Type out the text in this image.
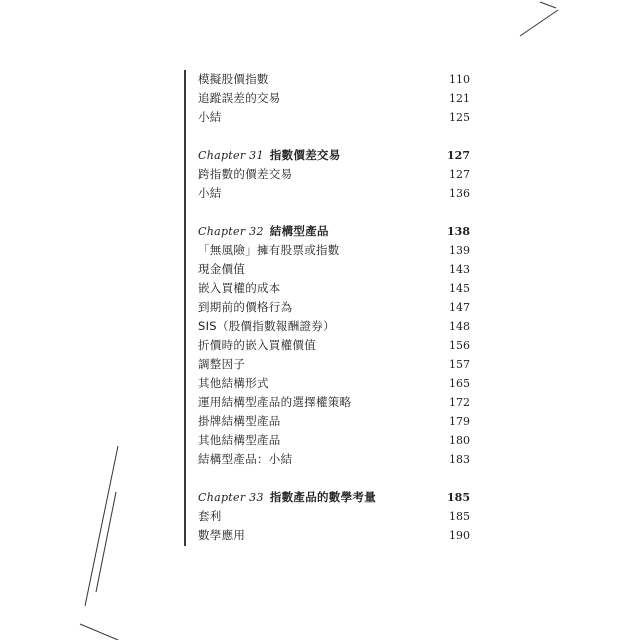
模擬股價指數	110
追蹤誤差的交易	121
小結	125
Chapter 31 指數價差交易	127
跨指數的價差交易	127
小結	136
Chapter 32 結構型產品	138
「無風險」擁有股票或指數	139
現金價值	143
嵌入買權的成本	145
到期前的價格行為	147
SIS（股價指數報酬證券）	148
折價時的嵌入買權價值	156
調整因子	157
其他結構形式	165
運用結構型產品的選擇權策略	172
掛牌結構型產品	179
其他結構型產品	180
結構型產品：小結	183
Chapter 33 指數產品的數學考量	185
套利	185
數學應用	190
